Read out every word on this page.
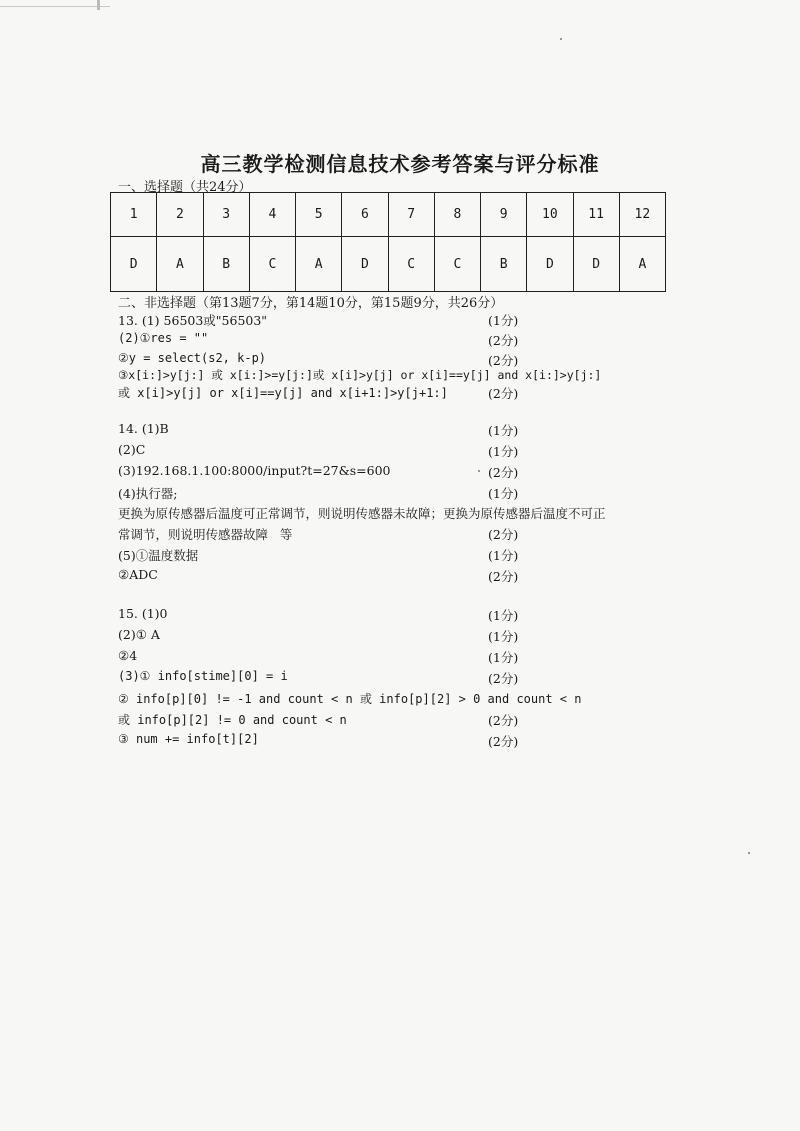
高三教学检测信息技术参考答案与评分标准
一、选择题（共24分）
1	2	3	4	5	6	7	8	9	10	11	12
D	A	B	C	A	D	C	C	B	D	D	A
二、非选择题（第13题7分，第14题10分，第15题9分，共26分）
13. (1) 56503或"56503"	(1分)
(2)①res = ""	(2分)
②y = select(s2, k-p)	(2分)
③x[i:]>y[j:] 或 x[i:]>=y[j:]或 x[i]>y[j] or x[i]==y[j] and x[i:]>y[j:]
或 x[i]>y[j] or x[i]==y[j] and x[i+1:]>y[j+1:]	(2分)
14. (1)B	(1分)
(2)C	(1分)
(3)192.168.1.100:8000/input?t=27&s=600	(2分)
(4)执行器;	(1分)
更换为原传感器后温度可正常调节，则说明传感器未故障；更换为原传感器后温度不可正
常调节，则说明传感器故障   等	(2分)
(5)①温度数据	(1分)
②ADC	(2分)
15. (1)0	(1分)
(2)① A	(1分)
②4	(1分)
(3)① info[stime][0] = i	(2分)
② info[p][0] != -1 and count < n 或 info[p][2] > 0 and count < n
或 info[p][2] != 0 and count < n	(2分)
③ num += info[t][2]	(2分)
